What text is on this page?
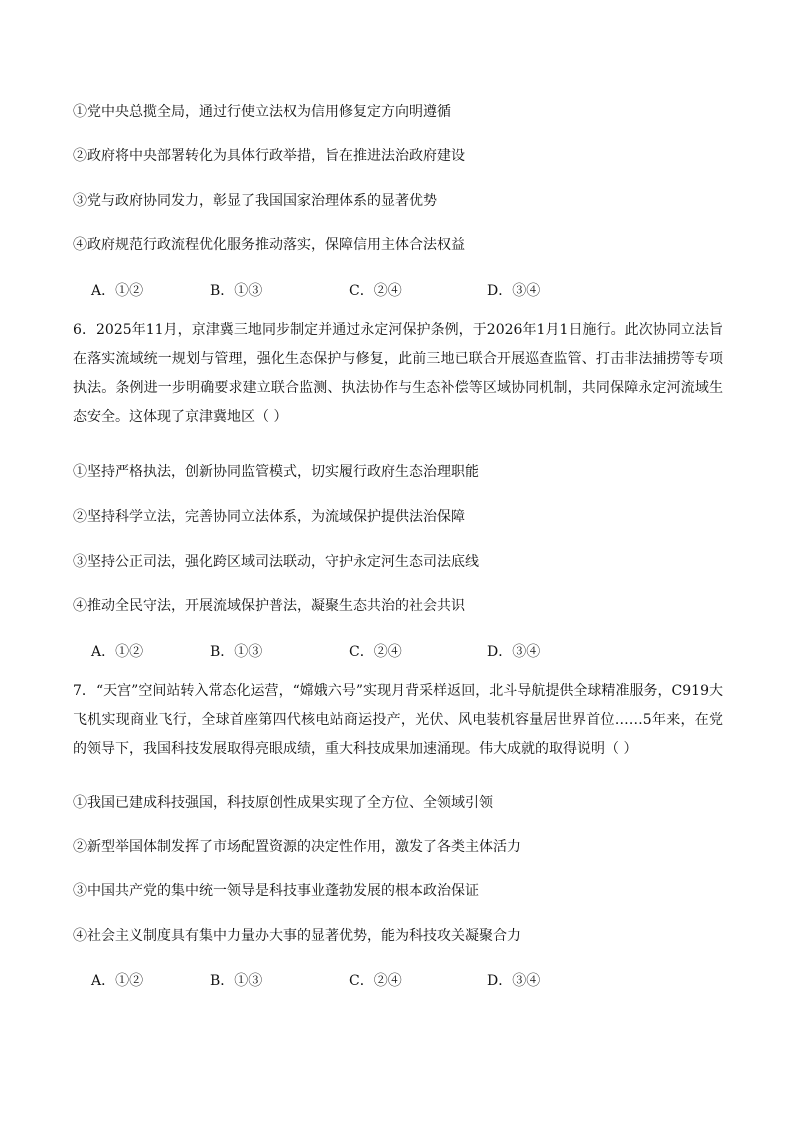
①党中央总揽全局，通过行使立法权为信用修复定方向明遵循

②政府将中央部署转化为具体行政举措，旨在推进法治政府建设

③党与政府协同发力，彰显了我国国家治理体系的显著优势

④政府规范行政流程优化服务推动落实，保障信用主体合法权益

A．①②	B．①③	C．②④	D．③④

6．2025年11月，京津冀三地同步制定并通过永定河保护条例，于2026年1月1日施行。此次协同立法旨在落实流域统一规划与管理，强化生态保护与修复，此前三地已联合开展巡查监管、打击非法捕捞等专项执法。条例进一步明确要求建立联合监测、执法协作与生态补偿等区域协同机制，共同保障永定河流域生态安全。这体现了京津冀地区（ ）

①坚持严格执法，创新协同监管模式，切实履行政府生态治理职能

②坚持科学立法，完善协同立法体系，为流域保护提供法治保障

③坚持公正司法，强化跨区域司法联动，守护永定河生态司法底线

④推动全民守法，开展流域保护普法，凝聚生态共治的社会共识

A．①②	B．①③	C．②④	D．③④

7．“天宫”空间站转入常态化运营，“嫦娥六号”实现月背采样返回，北斗导航提供全球精准服务，C919大飞机实现商业飞行，全球首座第四代核电站商运投产，光伏、风电装机容量居世界首位……5年来，在党的领导下，我国科技发展取得亮眼成绩，重大科技成果加速涌现。伟大成就的取得说明（ ）

①我国已建成科技强国，科技原创性成果实现了全方位、全领域引领

②新型举国体制发挥了市场配置资源的决定性作用，激发了各类主体活力

③中国共产党的集中统一领导是科技事业蓬勃发展的根本政治保证

④社会主义制度具有集中力量办大事的显著优势，能为科技攻关凝聚合力

A．①②	B．①③	C．②④	D．③④
